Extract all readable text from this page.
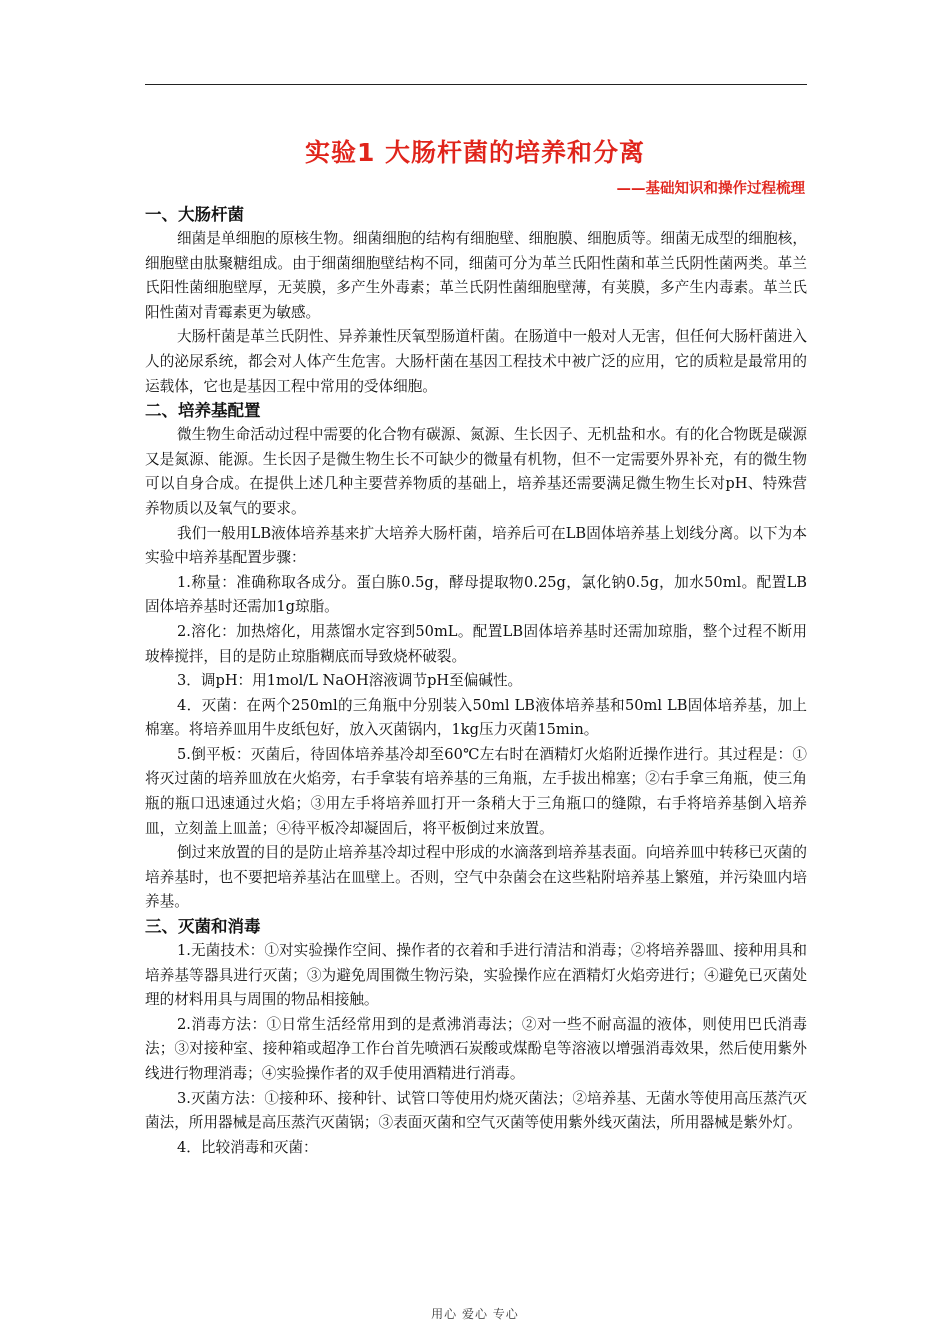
实验1 大肠杆菌的培养和分离
——基础知识和操作过程梳理

一、大肠杆菌

细菌是单细胞的原核生物。细菌细胞的结构有细胞壁、细胞膜、细胞质等。细菌无成型的细胞核，细胞壁由肽聚糖组成。由于细菌细胞壁结构不同，细菌可分为革兰氏阳性菌和革兰氏阴性菌两类。革兰氏阳性菌细胞壁厚，无荚膜，多产生外毒素；革兰氏阴性菌细胞壁薄，有荚膜，多产生内毒素。革兰氏阳性菌对青霉素更为敏感。

大肠杆菌是革兰氏阴性、异养兼性厌氧型肠道杆菌。在肠道中一般对人无害，但任何大肠杆菌进入人的泌尿系统，都会对人体产生危害。大肠杆菌在基因工程技术中被广泛的应用，它的质粒是最常用的运载体，它也是基因工程中常用的受体细胞。

二、培养基配置

微生物生命活动过程中需要的化合物有碳源、氮源、生长因子、无机盐和水。有的化合物既是碳源又是氮源、能源。生长因子是微生物生长不可缺少的微量有机物，但不一定需要外界补充，有的微生物可以自身合成。在提供上述几种主要营养物质的基础上，培养基还需要满足微生物生长对pH、特殊营养物质以及氧气的要求。

我们一般用LB液体培养基来扩大培养大肠杆菌，培养后可在LB固体培养基上划线分离。以下为本实验中培养基配置步骤：

1.称量：准确称取各成分。蛋白胨0.5g，酵母提取物0.25g，氯化钠0.5g，加水50ml。配置LB固体培养基时还需加1g琼脂。

2.溶化：加热熔化，用蒸馏水定容到50mL。配置LB固体培养基时还需加琼脂，整个过程不断用玻棒搅拌，目的是防止琼脂糊底而导致烧杯破裂。

3．调pH：用1mol/L NaOH溶液调节pH至偏碱性。

4．灭菌：在两个250ml的三角瓶中分别装入50ml LB液体培养基和50ml LB固体培养基，加上棉塞。将培养皿用牛皮纸包好，放入灭菌锅内，1kg压力灭菌15min。

5.倒平板：灭菌后，待固体培养基冷却至60℃左右时在酒精灯火焰附近操作进行。其过程是：①将灭过菌的培养皿放在火焰旁，右手拿装有培养基的三角瓶，左手拔出棉塞；②右手拿三角瓶，使三角瓶的瓶口迅速通过火焰；③用左手将培养皿打开一条稍大于三角瓶口的缝隙，右手将培养基倒入培养皿，立刻盖上皿盖；④待平板冷却凝固后，将平板倒过来放置。

倒过来放置的目的是防止培养基冷却过程中形成的水滴落到培养基表面。向培养皿中转移已灭菌的培养基时，也不要把培养基沾在皿壁上。否则，空气中杂菌会在这些粘附培养基上繁殖，并污染皿内培养基。

三、灭菌和消毒

1.无菌技术：①对实验操作空间、操作者的衣着和手进行清洁和消毒；②将培养器皿、接种用具和培养基等器具进行灭菌；③为避免周围微生物污染，实验操作应在酒精灯火焰旁进行；④避免已灭菌处理的材料用具与周围的物品相接触。

2.消毒方法：①日常生活经常用到的是煮沸消毒法；②对一些不耐高温的液体，则使用巴氏消毒法；③对接种室、接种箱或超净工作台首先喷洒石炭酸或煤酚皂等溶液以增强消毒效果，然后使用紫外线进行物理消毒；④实验操作者的双手使用酒精进行消毒。

3.灭菌方法：①接种环、接种针、试管口等使用灼烧灭菌法；②培养基、无菌水等使用高压蒸汽灭菌法，所用器械是高压蒸汽灭菌锅；③表面灭菌和空气灭菌等使用紫外线灭菌法，所用器械是紫外灯。

4．比较消毒和灭菌：

用心 爱心 专心
